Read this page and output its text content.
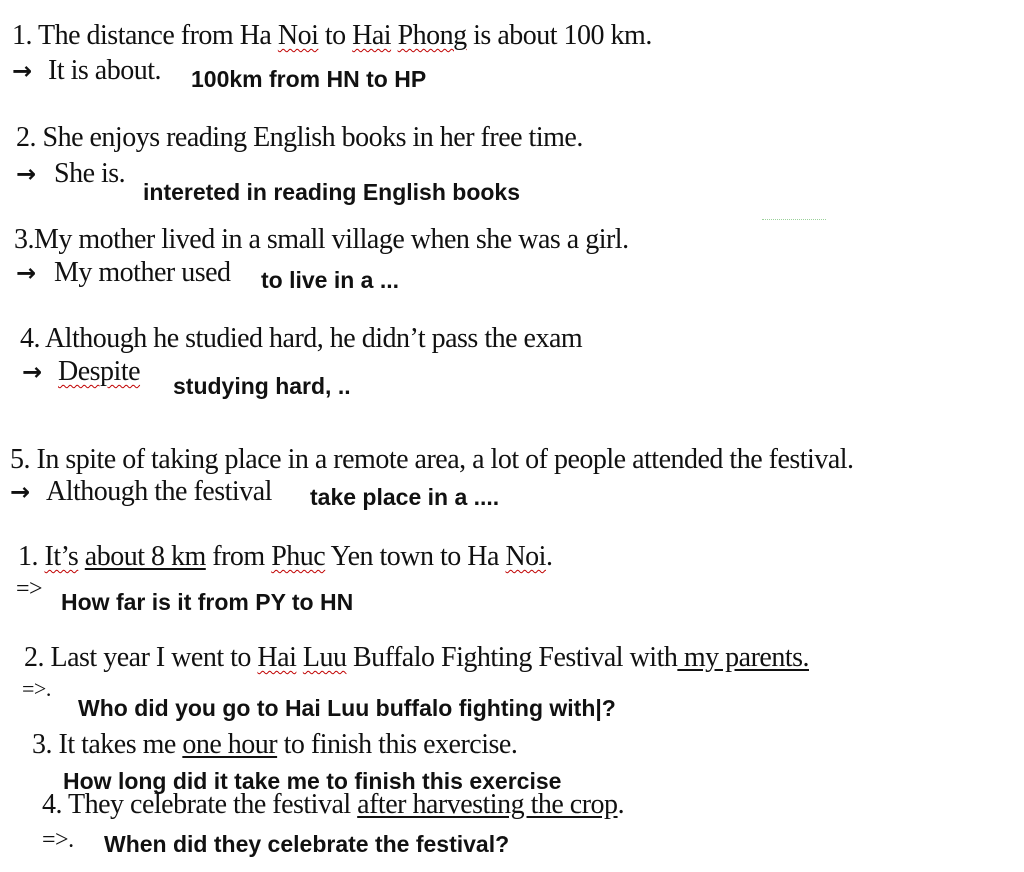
1. The distance from Ha Noi to Hai Phong is about 100 km.
→ It is about. 100km from HN to HP
2. She enjoys reading English books in her free time.
→ She is.
intereted in reading English books
3.My mother lived in a small village when she was a girl.
→ My mother used to live in a ...
4. Although he studied hard, he didn’t pass the exam
→ Despite studying hard, ..
5. In spite of taking place in a remote area, a lot of people attended the festival.
→ Although the festival take place in a ....
1. It’s about 8 km from Phuc Yen town to Ha Noi.
=> How far is it from PY to HN
2. Last year I went to Hai Luu Buffalo Fighting Festival with my parents.
=>.
Who did you go to Hai Luu buffalo fighting with|?
3. It takes me one hour to finish this exercise.
How long did it take me to finish this exercise
4. They celebrate the festival after harvesting the crop.
=>. When did they celebrate the festival?
